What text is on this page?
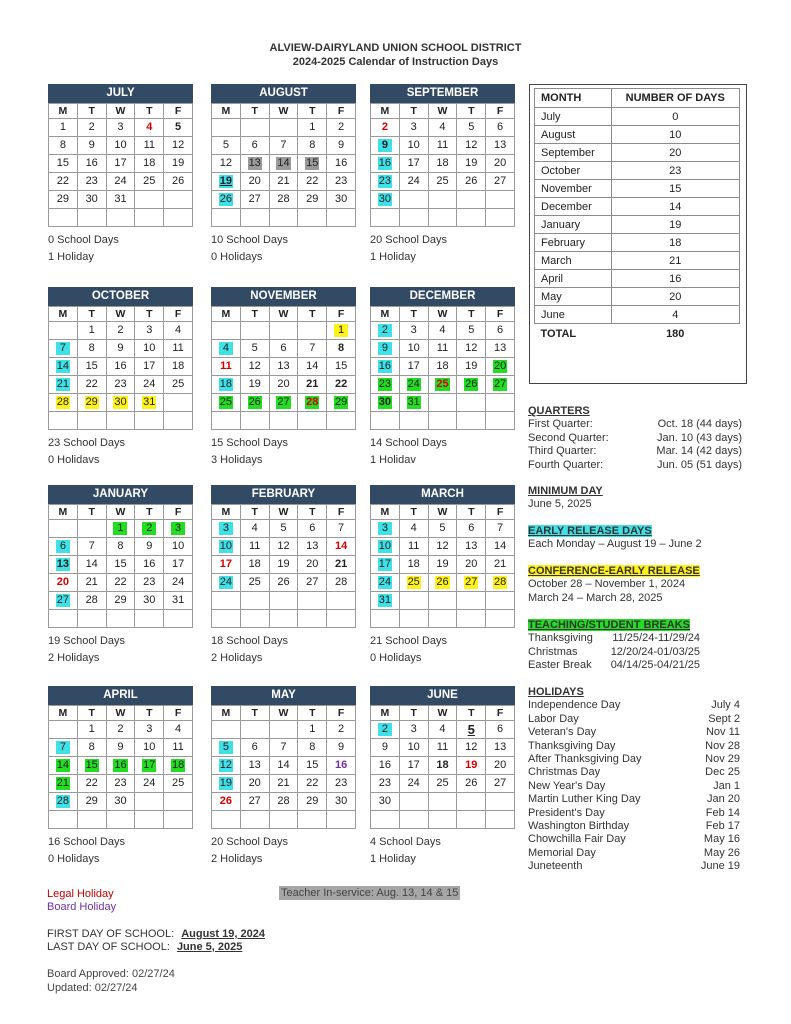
ALVIEW-DAIRYLAND UNION SCHOOL DISTRICT
2024-2025 Calendar of Instruction Days
JULY
M	T	W	T	F
1	2	3	4	5
8	9	10	11	12
15	16	17	18	19
22	23	24	25	26
29	30	31		

0 School Days
1 Holiday
AUGUST
M	T	W	T	F
			1	2
5	6	7	8	9
12	13	14	15	16
19	20	21	22	23
26	27	28	29	30

10 School Days
0 Holidays
SEPTEMBER
M	T	W	T	F
2	3	4	5	6
9	10	11	12	13
16	17	18	19	20
23	24	25	26	27
30				

20 School Days
1 Holiday
OCTOBER
M	T	W	T	F
	1	2	3	4
7	8	9	10	11
14	15	16	17	18
21	22	23	24	25
28	29	30	31	

23 School Days
0 Holidavs
NOVEMBER
M	T	W	T	F
				1
4	5	6	7	8
11	12	13	14	15
18	19	20	21	22
25	26	27	28	29

15 School Days
3 Holidays
DECEMBER
M	T	W	T	F
2	3	4	5	6
9	10	11	12	13
16	17	18	19	20
23	24	25	26	27
30	31			

14 School Days
1 Holidav
JANUARY
M	T	W	T	F
		1	2	3
6	7	8	9	10
13	14	15	16	17
20	21	22	23	24
27	28	29	30	31

19 School Days
2 Holidays
FEBRUARY
M	T	W	T	F
3	4	5	6	7
10	11	12	13	14
17	18	19	20	21
24	25	26	27	28

18 School Days
2 Holidays
MARCH
M	T	W	T	F
3	4	5	6	7
10	11	12	13	14
17	18	19	20	21
24	25	26	27	28
31				

21 School Days
0 Holidays
APRIL
M	T	W	T	F
	1	2	3	4
7	8	9	10	11
14	15	16	17	18
21	22	23	24	25
28	29	30		

16 School Days
0 Holidays
MAY
M	T	W	T	F
			1	2
5	6	7	8	9
12	13	14	15	16
19	20	21	22	23
26	27	28	29	30

20 School Days
2 Holidays
JUNE
M	T	W	T	F
2	3	4	5	6
9	10	11	12	13
16	17	18	19	20
23	24	25	26	27
30				

4 School Days
1 Holiday
MONTH	NUMBER OF DAYS
July	0
August	10
September	20
October	23
November	15
December	14
January	19
February	18
March	21
April	16
May	20
June	4
TOTAL	180
QUARTERS
First Quarter:	Oct. 18 (44 days)
Second Quarter:	Jan. 10 (43 days)
Third Quarter:	Mar. 14 (42 days)
Fourth Quarter:	Jun. 05 (51 days)
MINIMUM DAY
June 5, 2025
EARLY RELEASE DAYS
Each Monday – August 19 – June 2
CONFERENCE-EARLY RELEASE
October 28 – November 1, 2024
March 24 – March 28, 2025
TEACHING/STUDENT BREAKS
Thanksgiving 11/25/24-11/29/24
Christmas	12/20/24-01/03/25
Easter Break 04/14/25-04/21/25
HOLIDAYS
Independence Day	July 4
Labor Day	Sept 2
Veteran's Day	Nov 11
Thanksgiving Day	Nov 28
After Thanksgiving Day	Nov 29
Christmas Day	Dec 25
New Year's Day	Jan 1
Martin Luther King Day	Jan 20
President's Day	Feb 14
Washington Birthday	Feb 17
Chowchilla Fair Day	May 16
Memorial Day	May 26
Juneteenth	June 19
Legal Holiday
Board Holiday
Teacher In-service: Aug. 13, 14 & 15
FIRST DAY OF SCHOOL: August 19, 2024
LAST DAY OF SCHOOL: June 5, 2025
Board Approved: 02/27/24
Updated: 02/27/24
